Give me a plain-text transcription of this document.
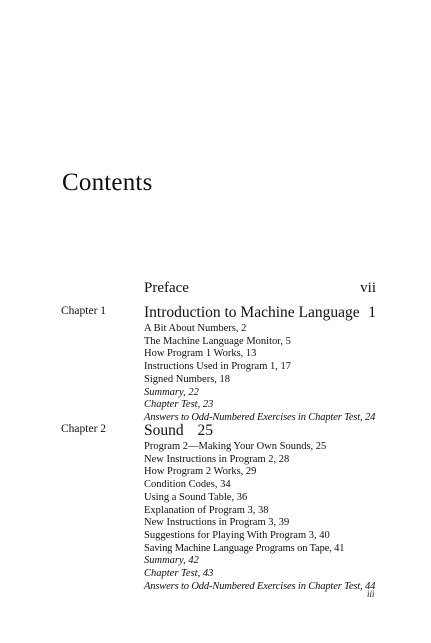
Contents
Preface	vii
Chapter 1 Introduction to Machine Language 1
A Bit About Numbers, 2
The Machine Language Monitor, 5
How Program 1 Works, 13
Instructions Used in Program 1, 17
Signed Numbers, 18
Summary, 22
Chapter Test, 23
Answers to Odd-Numbered Exercises in Chapter Test, 24
Chapter 2 Sound 25
Program 2—Making Your Own Sounds, 25
New Instructions in Program 2, 28
How Program 2 Works, 29
Condition Codes, 34
Using a Sound Table, 36
Explanation of Program 3, 38
New Instructions in Program 3, 39
Suggestions for Playing With Program 3, 40
Saving Machine Language Programs on Tape, 41
Summary, 42
Chapter Test, 43
Answers to Odd-Numbered Exercises in Chapter Test, 44
iii
